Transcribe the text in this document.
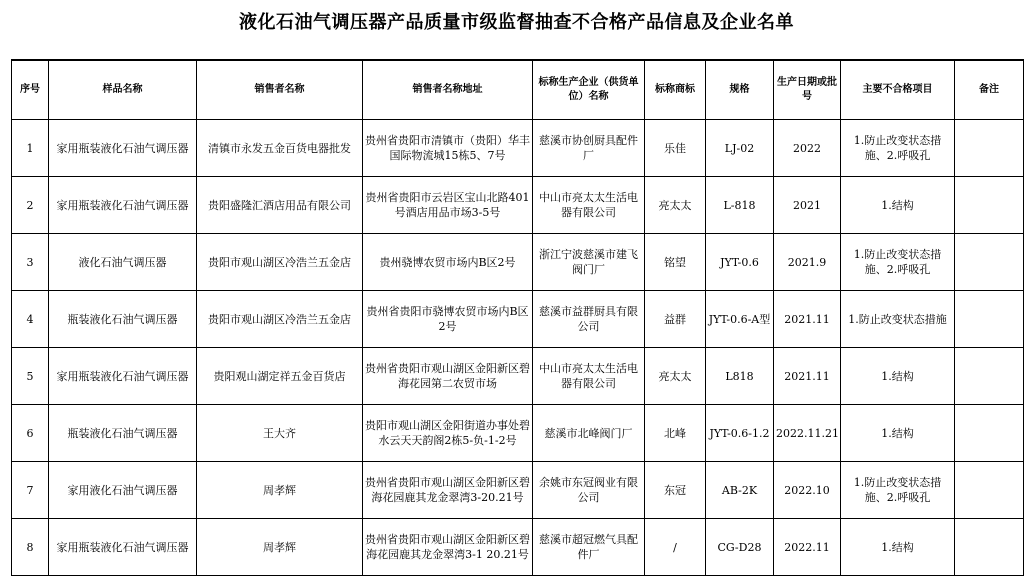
液化石油气调压器产品质量市级监督抽查不合格产品信息及企业名单
序号	样品名称	销售者名称	销售者名称地址	标称生产企业（供货单位）名称	标称商标	规格	生产日期或批号	主要不合格项目	备注
1	家用瓶装液化石油气调压器	清镇市永发五金百货电器批发	贵州省贵阳市清镇市（贵阳）华丰国际物流城15栋5、7号	慈溪市协创厨具配件厂	乐佳	LJ-02	2022	1.防止改变状态措施、2.呼吸孔	
2	家用瓶装液化石油气调压器	贵阳盛隆汇酒店用品有限公司	贵州省贵阳市云岩区宝山北路401号酒店用品市场3-5号	中山市亮太太生活电器有限公司	亮太太	L-818	2021	1.结构	
3	液化石油气调压器	贵阳市观山湖区冷浩兰五金店	贵州骁博农贸市场内B区2号	浙江宁波慈溪市建飞阀门厂	铭望	JYT-0.6	2021.9	1.防止改变状态措施、2.呼吸孔	
4	瓶装液化石油气调压器	贵阳市观山湖区冷浩兰五金店	贵州省贵阳市骁博农贸市场内B区2号	慈溪市益群厨具有限公司	益群	JYT-0.6-A型	2021.11	1.防止改变状态措施	
5	家用瓶装液化石油气调压器	贵阳观山湖定祥五金百货店	贵州省贵阳市观山湖区金阳新区碧海花园第二农贸市场	中山市亮太太生活电器有限公司	亮太太	L818	2021.11	1.结构	
6	瓶装液化石油气调压器	王大齐	贵阳市观山湖区金阳街道办事处碧水云天天韵阁2栋5-负-1-2号	慈溪市北峰阀门厂	北峰	JYT-0.6-1.2	2022.11.21	1.结构	
7	家用液化石油气调压器	周孝辉	贵州省贵阳市观山湖区金阳新区碧海花园鹿其龙金翠湾3-20.21号	余姚市东冠阀业有限公司	东冠	AB-2K	2022.10	1.防止改变状态措施、2.呼吸孔	
8	家用瓶装液化石油气调压器	周孝辉	贵州省贵阳市观山湖区金阳新区碧海花园鹿其龙金翠湾3-1 20.21号	慈溪市超冠燃气具配件厂	/	CG-D28	2022.11	1.结构	
